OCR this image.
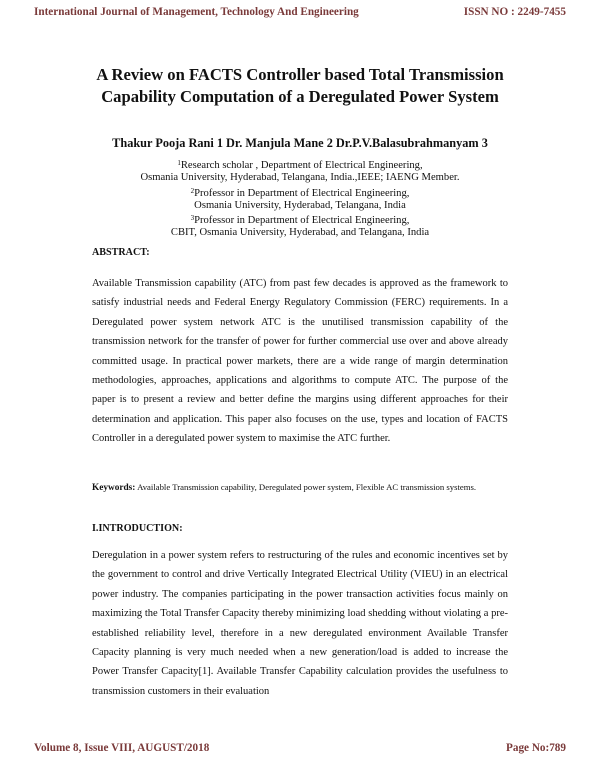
International Journal of Management, Technology And Engineering	ISSN NO : 2249-7455
A Review on FACTS Controller based Total Transmission
Capability Computation of a Deregulated Power System
Thakur Pooja Rani 1 Dr. Manjula Mane 2 Dr.P.V.Balasubrahmanyam 3
$^1$Research scholar , Department of Electrical Engineering,
Osmania University, Hyderabad, Telangana, India.,IEEE; IAENG Member.
$^2$Professor in Department of Electrical Engineering,
Osmania University, Hyderabad, Telangana, India
$^3$Professor in Department of Electrical Engineering,
CBIT, Osmania University, Hyderabad, and Telangana, India
ABSTRACT:

Available Transmission capability (ATC) from past few decades is approved as the framework to satisfy industrial needs and Federal Energy Regulatory Commission (FERC) requirements. In a Deregulated power system network ATC is the unutilised transmission capability of the transmission network for the transfer of power for further commercial use over and above already committed usage. In practical power markets, there are a wide range of margin determination methodologies, approaches, applications and algorithms to compute ATC. The purpose of the paper is to present a review and better define the margins using different approaches for their determination and application. This paper also focuses on the use, types and location of FACTS Controller in a deregulated power system to maximise the ATC further.

Keywords: Available Transmission capability, Deregulated power system, Flexible AC transmission systems.

I.INTRODUCTION:

Deregulation in a power system refers to restructuring of the rules and economic incentives set by the government to control and drive Vertically Integrated Electrical Utility (VIEU) in an electrical power industry. The companies participating in the power transaction activities focus mainly on maximizing the Total Transfer Capacity thereby minimizing load shedding without violating a pre-established reliability level, therefore in a new deregulated environment Available Transfer Capacity planning is very much needed when a new generation/load is added to increase the Power Transfer Capacity[1]. Available Transfer Capability calculation provides the usefulness to transmission customers in their evaluation

Volume 8, Issue VIII, AUGUST/2018	Page No:789
